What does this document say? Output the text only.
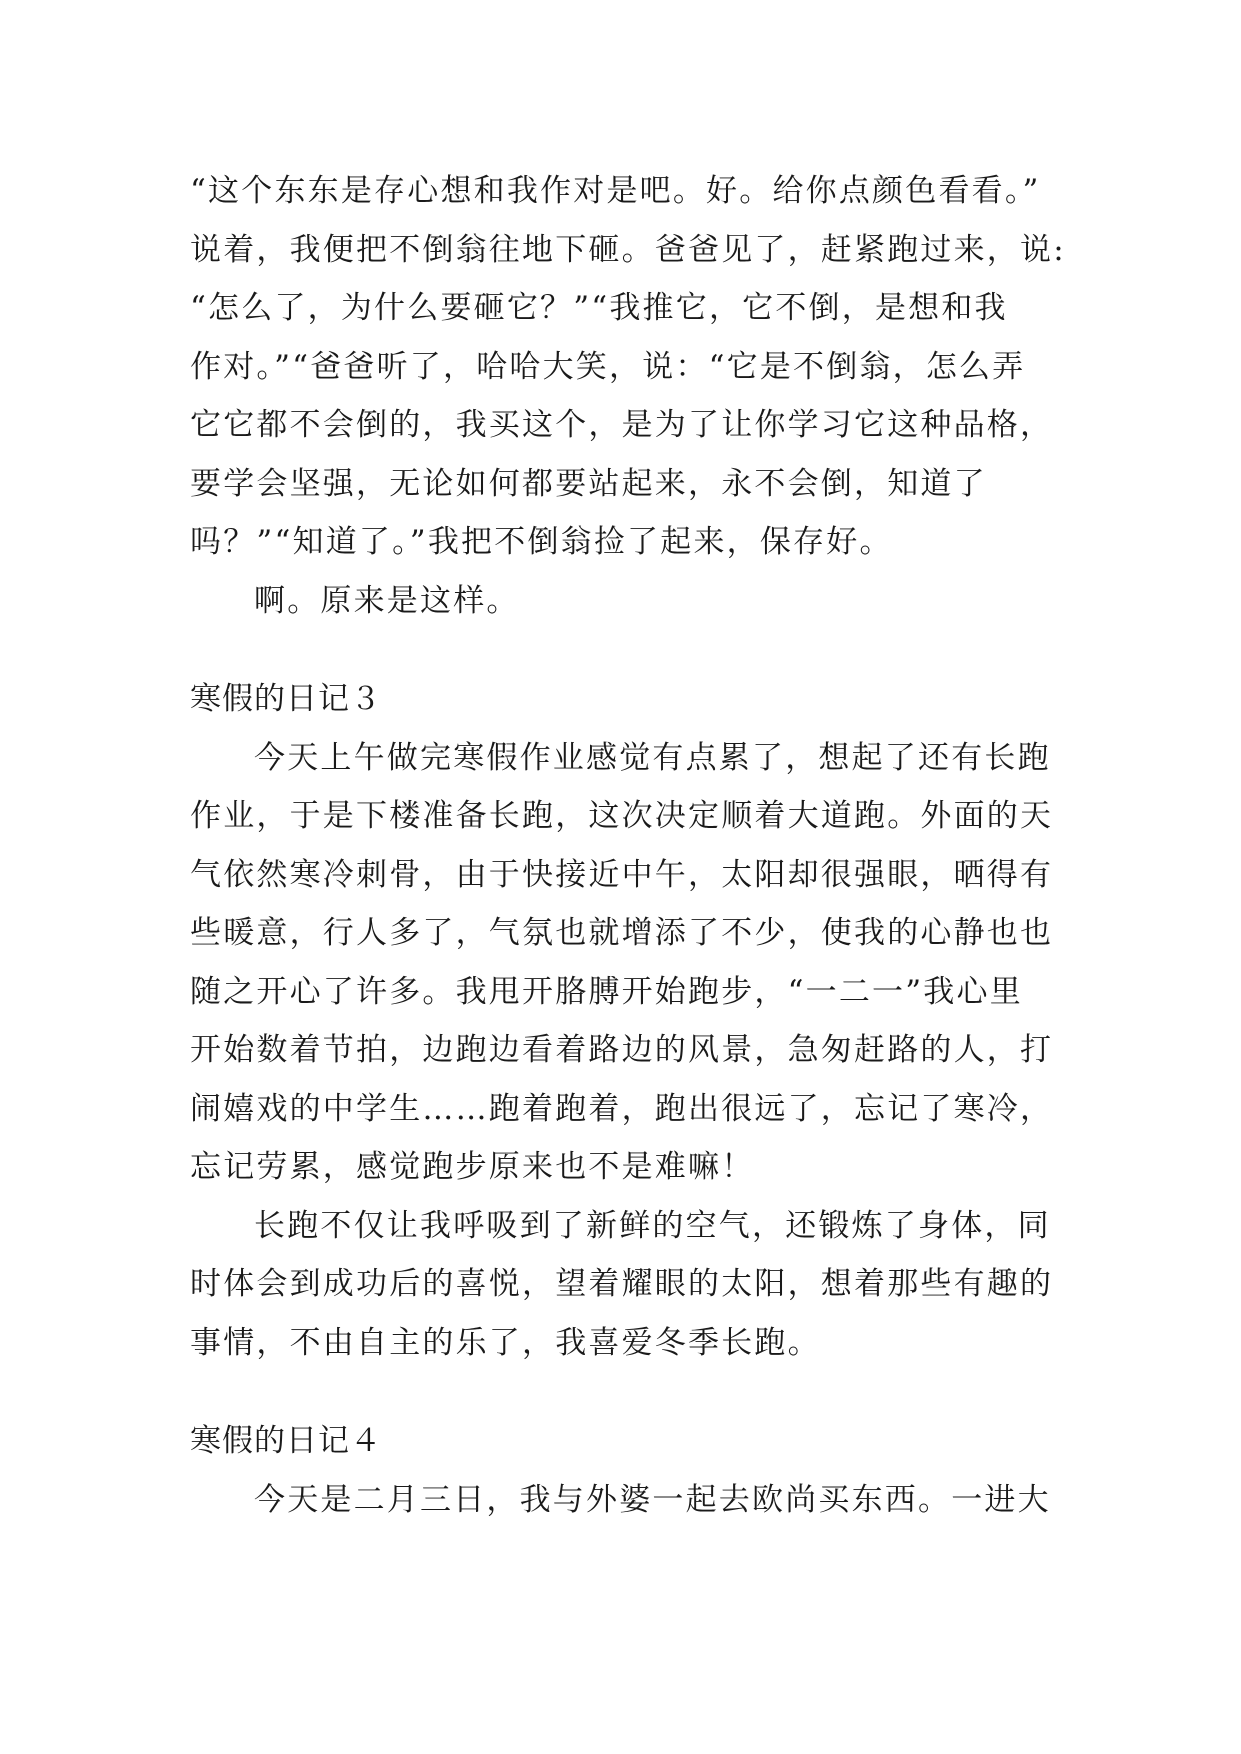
“这个东东是存心想和我作对是吧。好。给你点颜色看看。”
说着，我便把不倒翁往地下砸。爸爸见了，赶紧跑过来，说:
“怎么了，为什么要砸它？”“我推它，它不倒，是想和我
作对。”“爸爸听了，哈哈大笑，说：“它是不倒翁，怎么弄
它它都不会倒的，我买这个，是为了让你学习它这种品格，
要学会坚强，无论如何都要站起来，永不会倒，知道了
吗？”“知道了。”我把不倒翁捡了起来，保存好。
啊。原来是这样。
寒假的日记３
今天上午做完寒假作业感觉有点累了，想起了还有长跑
作业，于是下楼准备长跑，这次决定顺着大道跑。外面的天
气依然寒冷刺骨，由于快接近中午，太阳却很强眼，晒得有
些暖意，行人多了，气氛也就增添了不少，使我的心静也也
随之开心了许多。我甩开胳膊开始跑步，“一二一”我心里
开始数着节拍，边跑边看着路边的风景，急匆赶路的人，打
闹嬉戏的中学生……跑着跑着，跑出很远了，忘记了寒冷，
忘记劳累，感觉跑步原来也不是难嘛！
长跑不仅让我呼吸到了新鲜的空气，还锻炼了身体，同
时体会到成功后的喜悦，望着耀眼的太阳，想着那些有趣的
事情，不由自主的乐了，我喜爱冬季长跑。
寒假的日记４
今天是二月三日，我与外婆一起去欧尚买东西。一进大
